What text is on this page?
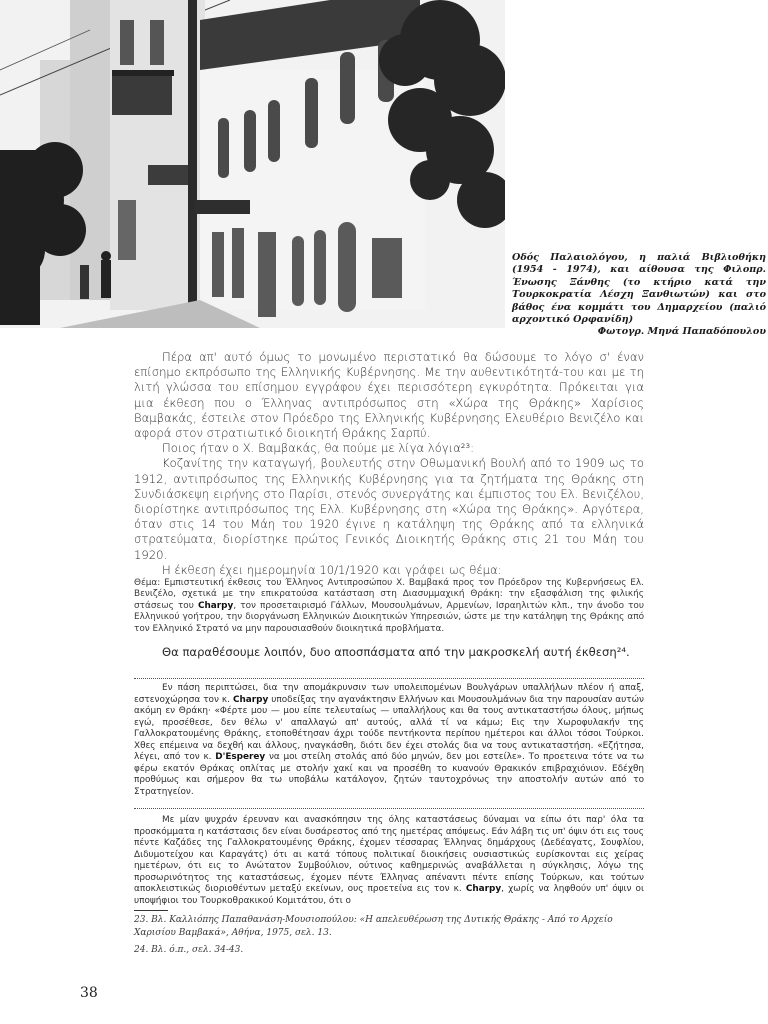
Οδός Παλαιολόγου, η παλιά Βιβλιοθήκη (1954 - 1974), και αίθουσα της Φιλοπρ. Ένωσης Ξάνθης (το κτήριο κατά την Τουρκοκρατία Λέσχη Ξανθιωτών) και στο βάθος ένα κομμάτι του Δημαρχείου (παλιό αρχοντικό Ορφανίδη)
Φωτογρ. Μηνά Παπαδόπουλου

Πέρα απ' αυτό όμως το μονωμένο περιστατικό θα δώσουμε το λόγο σ' έναν επίσημο εκπρόσωπο της Ελληνικής Κυβέρνησης. Με την αυθεντικότητά-του και με τη λιτή γλώσσα του επίσημου εγγράφου έχει περισσότερη εγκυρότητα. Πρόκειται για μια έκθεση που ο Έλληνας αντιπρόσωπος στη «Χώρα της Θράκης» Χαρίσιος Βαμβακάς, έστειλε στον Πρόεδρο της Ελληνικής Κυβέρνησης Ελευθέριο Βενιζέλο και αφορά στον στρατιωτικό διοικητή Θράκης Σαρπύ.

Ποιος ήταν ο Χ. Βαμβακάς, θα πούμε με λίγα λόγια²³:

Κοζανίτης την καταγωγή, βουλευτής στην Οθωμανική Βουλή από το 1909 ως το 1912, αντιπρόσωπος της Ελληνικής Κυβέρνησης για τα ζητήματα της Θράκης στη Συνδιάσκεψη ειρήνης στο Παρίσι, στενός συνεργάτης και έμπιστος του Ελ. Βενιζέλου, διορίστηκε αντιπρόσωπος της Ελλ. Κυβέρνησης στη «Χώρα της Θράκης». Αργότερα, όταν στις 14 του Μάη του 1920 έγινε η κατάληψη της Θράκης από τα ελληνικά στρατεύματα, διορίστηκε πρώτος Γενικός Διοικητής Θράκης στις 21 του Μάη του 1920.

Η έκθεση έχει ημερομηνία 10/1/1920 και γράφει ως θέμα:

Θέμα: Εμπιστευτική έκθεσις του Έλληνος Αντιπροσώπου Χ. Βαμβακά προς τον Πρόεδρον της Κυβερνήσεως Ελ. Βενιζέλο, σχετικά με την επικρατούσα κατάσταση στη Διασυμμαχική Θράκη: την εξασφάλιση της φιλικής στάσεως του Charpy, τον προσεταιρισμό Γάλλων, Μουσουλμάνων, Αρμενίων, Ισραηλιτών κλπ., την άνοδο του Ελληνικού γοήτρου, την διοργάνωση Ελληνικών Διοικητικών Υπηρεσιών, ώστε με την κατάληψη της Θράκης από τον Ελληνικό Στρατό να μην παρουσιασθούν διοικητικά προβλήματα.

Θα παραθέσουμε λοιπόν, δυο αποσπάσματα από την μακροσκελή αυτή έκθεση²⁴.

Εν πάση περιπτώσει, δια την απομάκρυνσιν των υπολειπομένων Βουλγάρων υπαλλήλων πλέον ή απαξ, εστενοχώρησα τον κ. Charpy υποδείξας την αγανάκτησιν Ελλήνων και Μουσουλμάνων δια την παρουσίαν αυτών ακόμη εν Θράκη· «Φέρτε μου — μου είπε τελευταίως — υπαλλήλους και θα τους αντικαταστήσω όλους, μήπως εγώ, προσέθεσε, δεν θέλω ν' απαλλαγώ απ' αυτούς, αλλά τί να κάμω; Εις την Χωροφυλακήν της Γαλλοκρατουμένης Θράκης, ετοποθέτησαν άχρι τούδε πεντήκοντα περίπου ημέτεροι και άλλοι τόσοι Τούρκοι. Χθες επέμεινα να δεχθή και άλλους, ηναγκάσθη, διότι δεν έχει στολάς δια να τους αντικαταστήση. «Εζήτησα, λέγει, από τον κ. D'Esperey να μοι στείλη στολάς από δύο μηνών, δεν μοι εστείλε». Το προετεινα τότε να τω φέρω εκατόν Θράκας οπλίτας με στολήν χακί και να προσέθη το κυανούν Θρακικόν επιβραχιόνιον. Εδέχθη προθύμως και σήμερον θα τω υποβάλω κατάλογον, ζητών ταυτοχρόνως την αποστολήν αυτών από το Στρατηγείον.

Με μίαν ψυχράν έρευναν και ανασκόπησιν της όλης καταστάσεως δύναμαι να είπω ότι παρ' όλα τα προσκόμματα η κατάστασις δεν είναι δυσάρεστος από της ημετέρας απόψεως. Εάν λάβη τις υπ' όψιν ότι εις τους πέντε Καζάδες της Γαλλοκρατουμένης Θράκης, έχομεν τέσσαρας Έλληνας δημάρχους (Δεδέαγατς, Σουφλίου, Διδυμοτείχου και Καραγάτς) ότι αι κατά τόπους πολιτικαί διοικήσεις ουσιαστικώς ευρίσκονται εις χείρας ημετέρων, ότι εις το Ανώτατον Συμβούλιον, ούτινος καθημερινώς αναβάλλεται η σύγκλησις, λόγω της προσωρινότητος της καταστάσεως, έχομεν πέντε Έλληνας απέναντι πέντε επίσης Τούρκων, και τούτων αποκλειστικώς διοριοθέντων μεταξύ εκείνων, ους προετείνα εις τον κ. Charpy, χωρίς να ληφθούν υπ' όψιν οι υποψήφιοι του Τουρκοθρακικού Κομιτάτου, ότι ο

23. Βλ. Καλλιόπης Παπαθανάση-Μουσιοπούλου: «Η απελευθέρωση της Δυτικής Θράκης - Από το Αρχείο Χαρισίου Βαμβακά», Αθήνα, 1975, σελ. 13.

24. Βλ. ό.π., σελ. 34-43.

38
